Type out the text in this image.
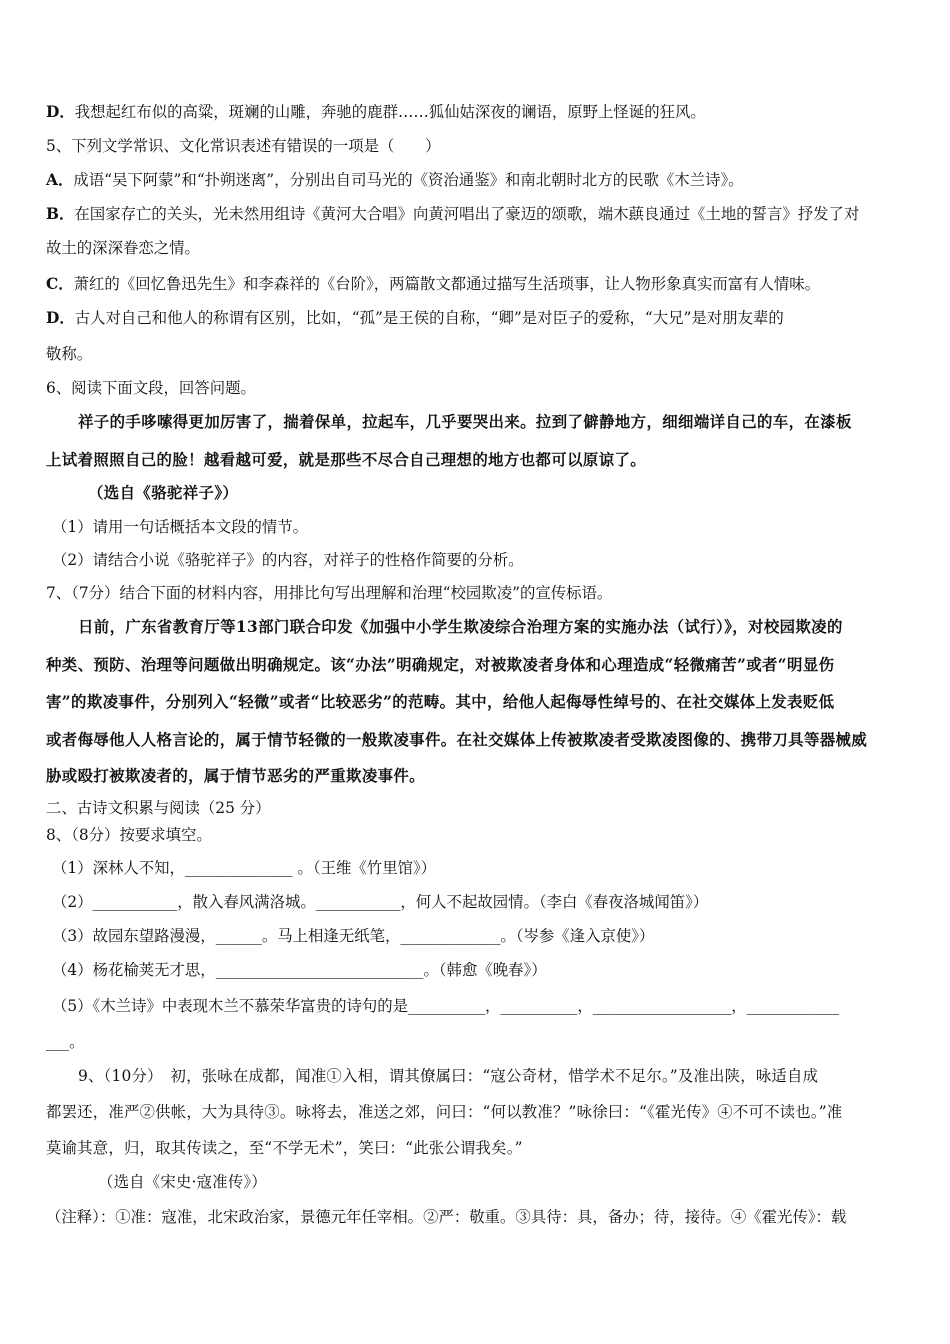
D．我想起红布似的高粱，斑斓的山雕，奔驰的鹿群……狐仙姑深夜的谰语，原野上怪诞的狂风。
5、下列文学常识、文化常识表述有错误的一项是（　　）
A．成语“吴下阿蒙”和“扑朔迷离”，分别出自司马光的《资治通鉴》和南北朝时北方的民歌《木兰诗》。
B．在国家存亡的关头，光未然用组诗《黄河大合唱》向黄河唱出了豪迈的颂歌，端木蕻良通过《土地的誓言》抒发了对
故土的深深眷恋之情。
C．萧红的《回忆鲁迅先生》和李森祥的《台阶》，两篇散文都通过描写生活琐事，让人物形象真实而富有人情味。
D．古人对自己和他人的称谓有区别，比如，“孤”是王侯的自称，“卿”是对臣子的爱称，“大兄”是对朋友辈的
敬称。
6、阅读下面文段，回答问题。
祥子的手哆嗦得更加厉害了，揣着保单，拉起车，几乎要哭出来。拉到了僻静地方，细细端详自己的车，在漆板
上试着照照自己的脸！越看越可爱，就是那些不尽合自己理想的地方也都可以原谅了。
（选自《骆驼祥子》）
（1）请用一句话概括本文段的情节。
（2）请结合小说《骆驼祥子》的内容，对祥子的性格作简要的分析。
7、（7分）结合下面的材料内容，用排比句写出理解和治理“校园欺凌”的宣传标语。
日前，广东省教育厅等13部门联合印发《加强中小学生欺凌综合治理方案的实施办法（试行）》，对校园欺凌的
种类、预防、治理等问题做出明确规定。该“办法”明确规定，对被欺凌者身体和心理造成“轻微痛苦”或者“明显伤
害”的欺凌事件，分别列入“轻微”或者“比较恶劣”的范畴。其中，给他人起侮辱性绰号的、在社交媒体上发表贬低
或者侮辱他人人格言论的，属于情节轻微的一般欺凌事件。在社交媒体上传被欺凌者受欺凌图像的、携带刀具等器械威
胁或殴打被欺凌者的，属于情节恶劣的严重欺凌事件。
二、古诗文积累与阅读（25 分）
8、（8分）按要求填空。
（1）深林人不知，______________ 。（王维《竹里馆》）
（2）___________，散入春风满洛城。___________，何人不起故园情。（李白《春夜洛城闻笛》）
（3）故园东望路漫漫，______。马上相逢无纸笔，_____________。（岑参《逢入京使》）
（4）杨花榆荚无才思，___________________________。（韩愈《晚春》）
（5）《木兰诗》中表现木兰不慕荣华富贵的诗句的是__________，__________，__________________，____________
___。
9、（10分）　初，张咏在成都，闻准①入相，谓其僚属曰：“寇公奇材，惜学术不足尔。”及准出陕，咏适自成
都罢还，准严②供帐，大为具待③。咏将去，准送之郊，问曰：“何以教准？”咏徐曰：“《霍光传》④不可不读也。”准
莫谕其意，归，取其传读之，至“不学无术”，笑曰：“此张公谓我矣。”
（选自《宋史·寇准传》）
（注释）：①准：寇准，北宋政治家，景德元年任宰相。②严：敬重。③具待：具，备办；待，接待。④《霍光传》：载
